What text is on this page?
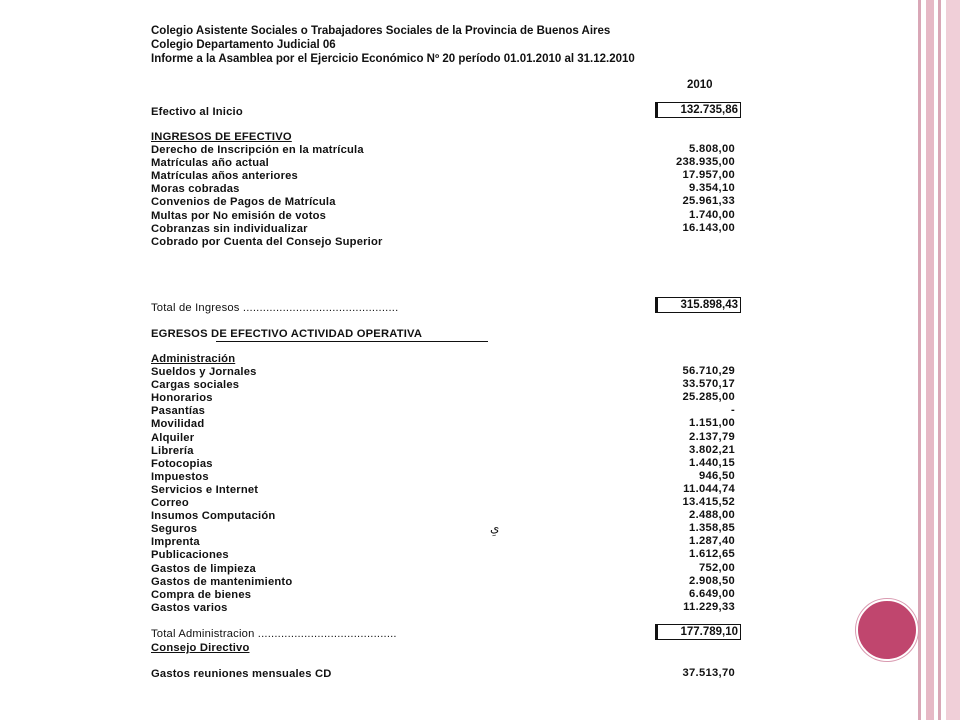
Colegio Asistente Sociales o Trabajadores Sociales de la Provincia de Buenos Aires
Colegio Departamento Judicial 06
Informe a la Asamblea por el Ejercicio Económico Nº 20 período 01.01.2010 al 31.12.2010
2010
Efectivo al Inicio	132.735,86
INGRESOS DE EFECTIVO
Derecho de Inscripción en la matrícula	5.808,00
Matrículas año actual	238.935,00
Matrículas años anteriores	17.957,00
Moras cobradas	9.354,10
Convenios de Pagos de Matrícula	25.961,33
Multas por No emisión de votos	1.740,00
Cobranzas sin individualizar	16.143,00
Cobrado por Cuenta del Consejo Superior
Total de Ingresos ...............................................	315.898,43
EGRESOS DE EFECTIVO ACTIVIDAD OPERATIVA
Administración
Sueldos y Jornales	56.710,29
Cargas sociales	33.570,17
Honorarios	25.285,00
Pasantías	-
Movilidad	1.151,00
Alquiler	2.137,79
Librería	3.802,21
Fotocopias	1.440,15
Impuestos	946,50
Servicios e Internet	11.044,74
Correo	13.415,52
Insumos Computación	2.488,00
Seguros	1.358,85
Imprenta	1.287,40
Publicaciones	1.612,65
Gastos de limpieza	752,00
Gastos de mantenimiento	2.908,50
Compra de bienes	6.649,00
Gastos varios	11.229,33
ىِ
Total Administracion ..........................................	177.789,10
Consejo Directivo
Gastos reuniones mensuales CD	37.513,70
